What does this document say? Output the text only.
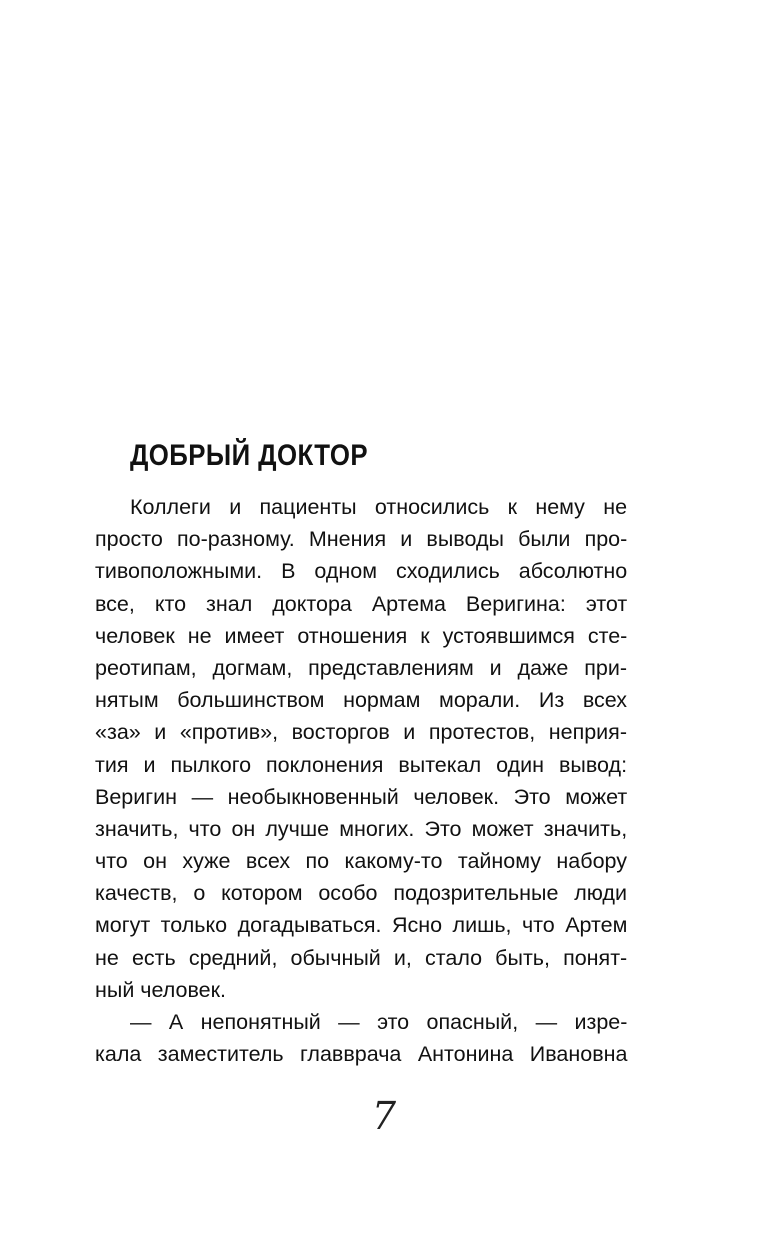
ДОБРЫЙ ДОКТОР
Коллеги и пациенты относились к нему не
просто по-разному. Мнения и выводы были про-
тивоположными. В одном сходились абсолютно
все, кто знал доктора Артема Веригина: этот
человек не имеет отношения к устоявшимся сте-
реотипам, догмам, представлениям и даже при-
нятым большинством нормам морали. Из всех
«за» и «против», восторгов и протестов, неприя-
тия и пылкого поклонения вытекал один вывод:
Веригин — необыкновенный человек. Это может
значить, что он лучше многих. Это может значить,
что он хуже всех по какому-то тайному набору
качеств, о котором особо подозрительные люди
могут только догадываться. Ясно лишь, что Артем
не есть средний, обычный и, стало быть, понят-
ный человек.
— А непонятный — это опасный, — изре-
кала заместитель главврача Антонина Ивановна
7
